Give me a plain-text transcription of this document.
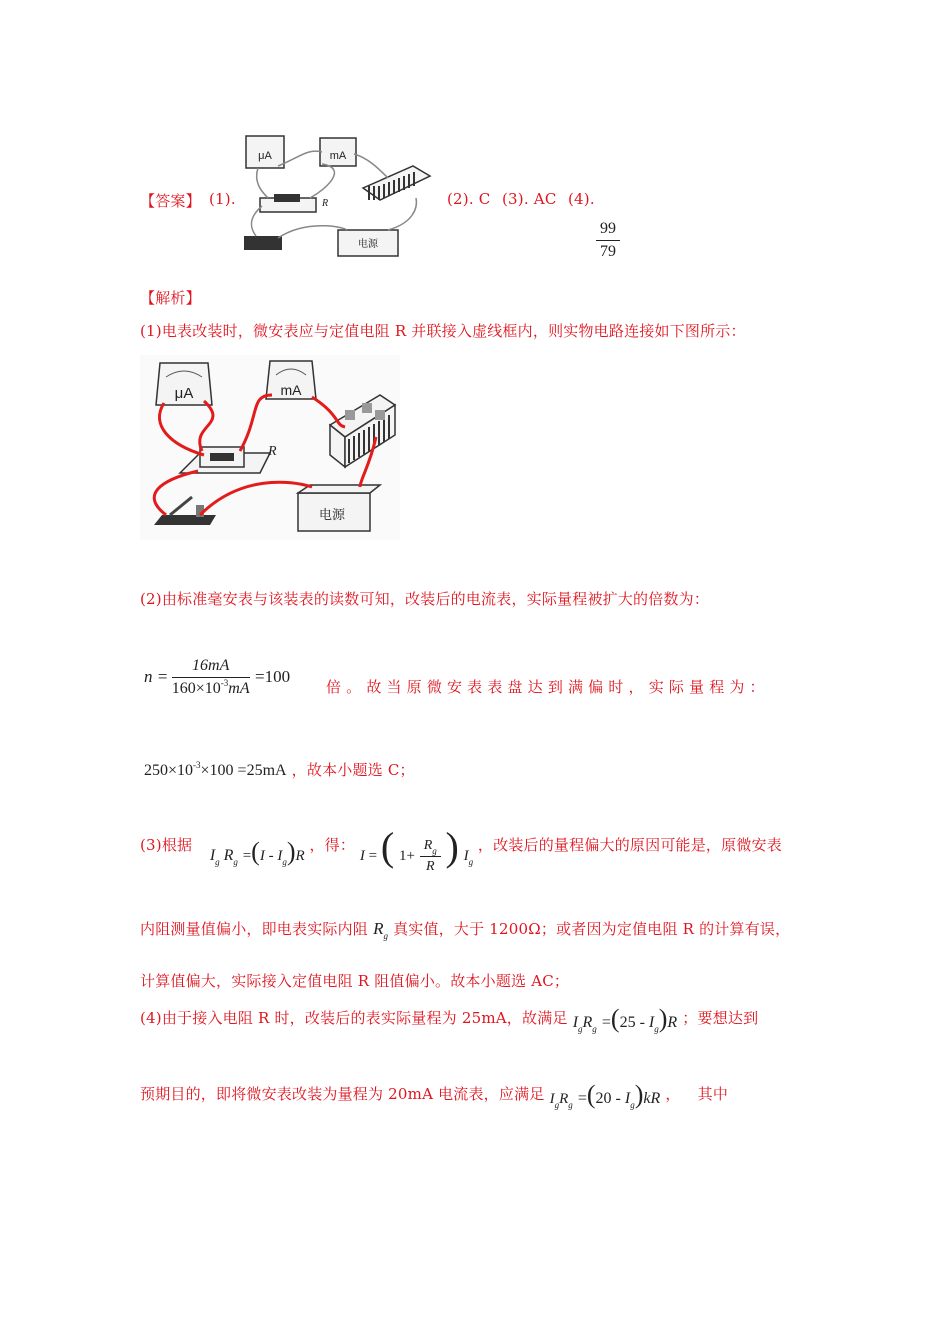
【答案】 (1).
μA	mA
R
电源
(2). C (3). AC (4).
$\frac{99}{79}$
【解析】
(1)电表改装时，微安表应与定值电阻 R 并联接入虚线框内，则实物电路连接如下图所示：
μA	mA
R
电源
(2)由标准毫安表与该装表的读数可知，改装后的电流表，实际量程被扩大的倍数为：
$n = \frac{16mA}{160\times 10^{-3}mA} =100$
倍 。 故 当 原 微 安 表 表 盘 达 到 满 偏 时 ， 实 际 量 程 为 ：
$250\times 10^{-3}\times 100 =25mA$ ，故本小题选 C；
(3)根据  $I_g$ $R_g =(I - I_g)R$ ，得： I = ( $1+ \frac{R_g}{R}$ ) $I_g$ ，改装后的量程偏大的原因可能是，原微安表
内阻测量值偏小，即电表实际内阻 $R_g$ 真实值，大于 1200Ω；或者因为定值电阻 R 的计算有误，
计算值偏大，实际接入定值电阻 R 阻值偏小。故本小题选 AC；
(4)由于接入电阻 R 时，改装后的表实际量程为 25mA，故满足 $I_gR_g =(25 - I_g)R$ ；要想达到
预期目的，即将微安表改装为量程为 20mA 电流表，应满足 $I_gR_g =(20 - I_g)kR$ ， 其中
